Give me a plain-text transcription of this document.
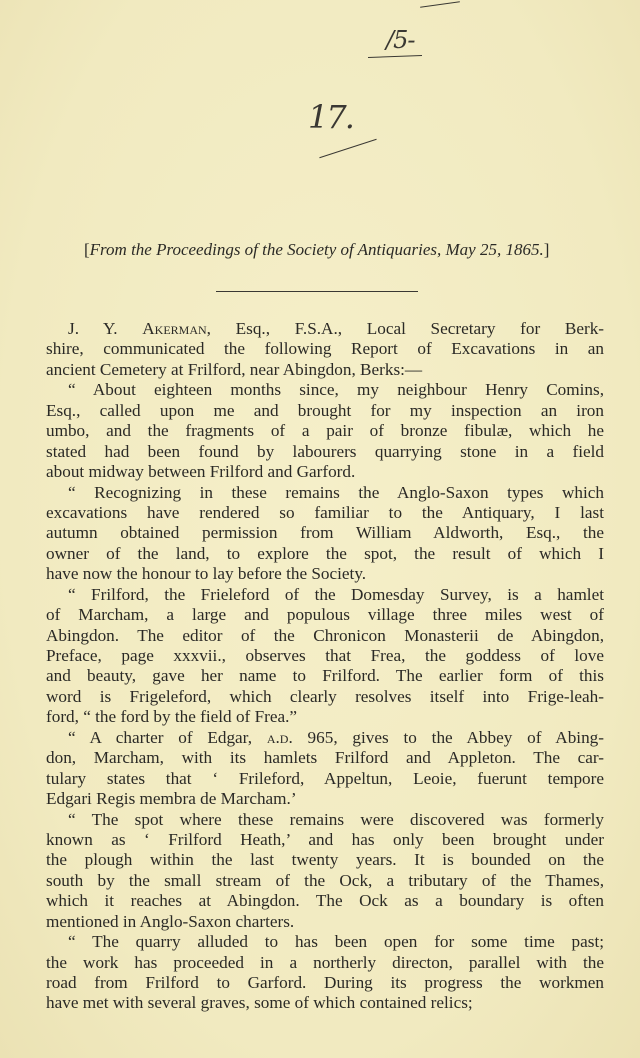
/5-
17.
[From the Proceedings of the Society of Antiquaries, May 25, 1865.]
J. Y. Akerman, Esq., F.S.A., Local Secretary for Berk-
shire, communicated the following Report of Excavations in an
ancient Cemetery at Frilford, near Abingdon, Berks:—
“ About eighteen months since, my neighbour Henry Comins,
Esq., called upon me and brought for my inspection an iron
umbo, and the fragments of a pair of bronze fibulæ, which he
stated had been found by labourers quarrying stone in a field
about midway between Frilford and Garford.
“ Recognizing in these remains the Anglo-Saxon types which
excavations have rendered so familiar to the Antiquary, I last
autumn obtained permission from William Aldworth, Esq., the
owner of the land, to explore the spot, the result of which I
have now the honour to lay before the Society.
“ Frilford, the Frieleford of the Domesday Survey, is a hamlet
of Marcham, a large and populous village three miles west of
Abingdon. The editor of the Chronicon Monasterii de Abingdon,
Preface, page xxxvii., observes that Frea, the goddess of love
and beauty, gave her name to Frilford. The earlier form of this
word is Frigeleford, which clearly resolves itself into Frige-leah-
ford, “ the ford by the field of Frea.”
“ A charter of Edgar, a.d. 965, gives to the Abbey of Abing-
don, Marcham, with its hamlets Frilford and Appleton. The car-
tulary states that ‘ Frileford, Appeltun, Leoie, fuerunt tempore
Edgari Regis membra de Marcham.’
“ The spot where these remains were discovered was formerly
known as ‘ Frilford Heath,’ and has only been brought under
the plough within the last twenty years. It is bounded on the
south by the small stream of the Ock, a tributary of the Thames,
which it reaches at Abingdon. The Ock as a boundary is often
mentioned in Anglo-Saxon charters.
“ The quarry alluded to has been open for some time past;
the work has proceeded in a northerly directon, parallel with the
road from Frilford to Garford. During its progress the workmen
have met with several graves, some of which contained relics;
